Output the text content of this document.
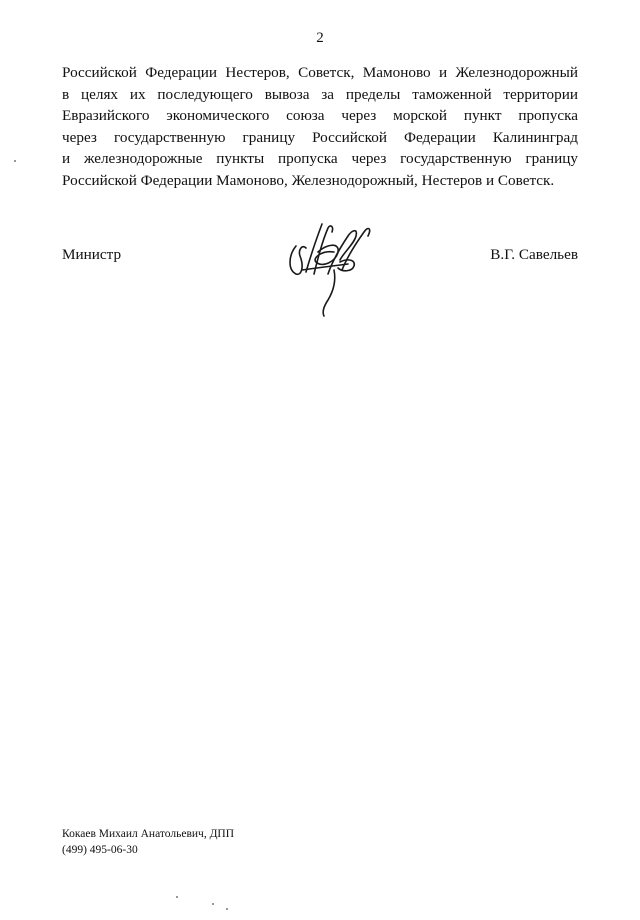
2
Российской Федерации Нестеров, Советск, Мамоново и Железнодорожный
в целях их последующего вывоза за пределы таможенной территории
Евразийского экономического союза через морской пункт пропуска
через государственную границу Российской Федерации Калининград
и железнодорожные пункты пропуска через государственную границу
Российской Федерации Мамоново, Железнодорожный, Нестеров и Советск.
Министр	В.Г. Савельев
Кокаев Михаил Анатольевич, ДПП
(499) 495-06-30
